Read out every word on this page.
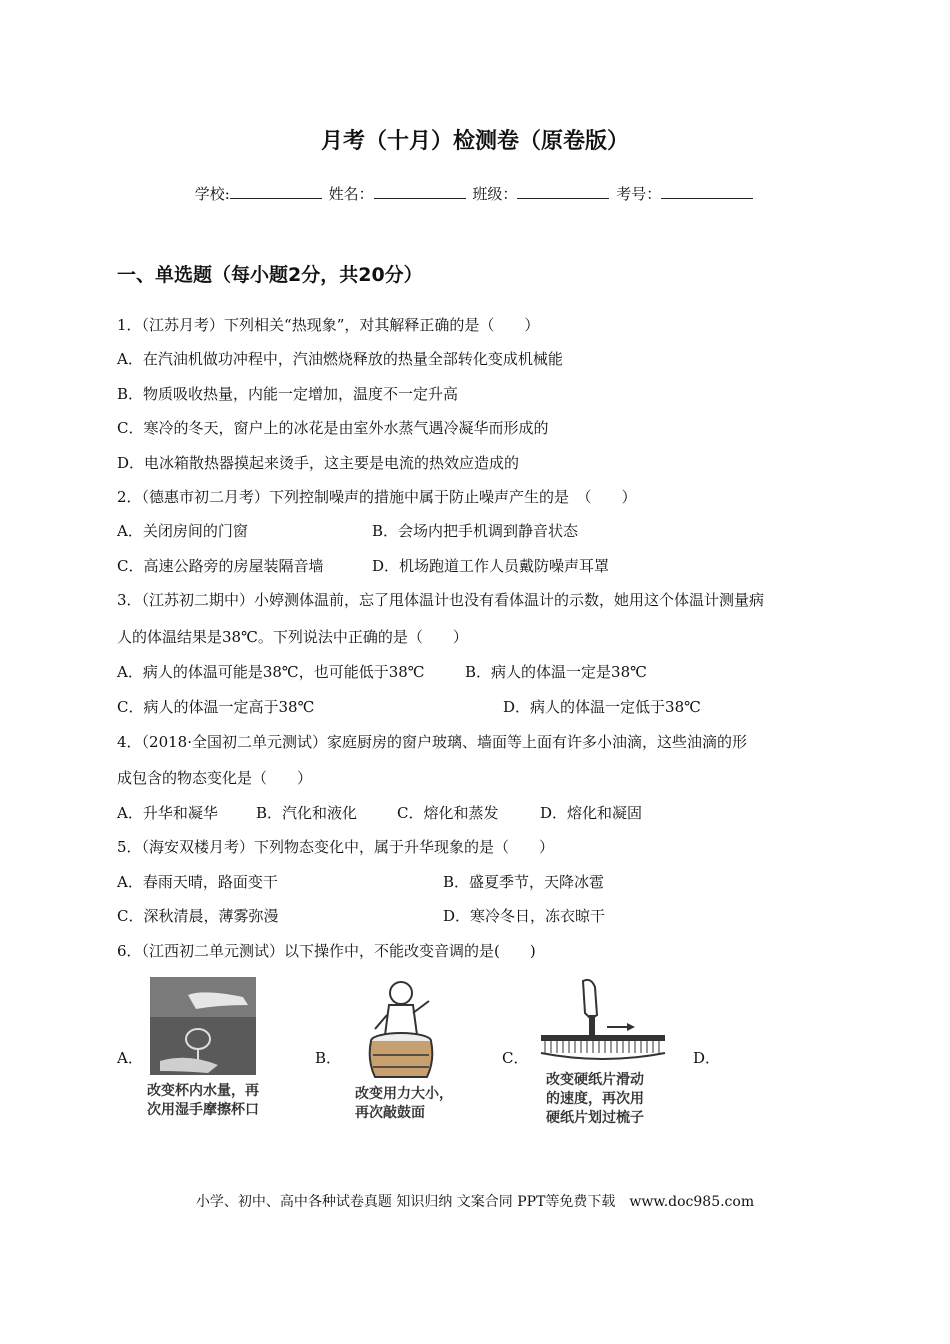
月考（十月）检测卷（原卷版）
学校:	姓名：	班级：	考号：
一、单选题（每小题2分，共20分）
1．（江苏月考）下列相关“热现象”，对其解释正确的是（　　）
A．在汽油机做功冲程中，汽油燃烧释放的热量全部转化变成机械能
B．物质吸收热量，内能一定增加，温度不一定升高
C．寒冷的冬天，窗户上的冰花是由室外水蒸气遇冷凝华而形成的
D．电冰箱散热器摸起来烫手，这主要是电流的热效应造成的
2．（德惠市初二月考）下列控制噪声的措施中属于防止噪声产生的是　（　　）
A．关闭房间的门窗	B．会场内把手机调到静音状态
C．高速公路旁的房屋装隔音墙	D．机场跑道工作人员戴防噪声耳罩
3．（江苏初二期中）小婷测体温前，忘了甩体温计也没有看体温计的示数，她用这个体温计测量病
人的体温结果是38℃。下列说法中正确的是（　　）
A．病人的体温可能是38℃，也可能低于38℃	B．病人的体温一定是38℃
C．病人的体温一定高于38℃	D．病人的体温一定低于38℃
4．（2018·全国初二单元测试）家庭厨房的窗户玻璃、墙面等上面有许多小油滴，这些油滴的形
成包含的物态变化是（　　）
A．升华和凝华	B．汽化和液化	C．熔化和蒸发	D．熔化和凝固
5．（海安双楼月考）下列物态变化中，属于升华现象的是（　　）
A．春雨天晴，路面变干	B．盛夏季节，天降冰雹
C．深秋清晨，薄雾弥漫	D．寒冷冬日，冻衣晾干
6．（江西初二单元测试）以下操作中，不能改变音调的是(　　)
A．	B．	C．	D．
改变杯内水量，再
次用湿手摩擦杯口
改变用力大小，
再次敲鼓面
改变硬纸片滑动
的速度，再次用
硬纸片划过梳子
小学、初中、高中各种试卷真题 知识归纳 文案合同 PPT等免费下载　www.doc985.com
